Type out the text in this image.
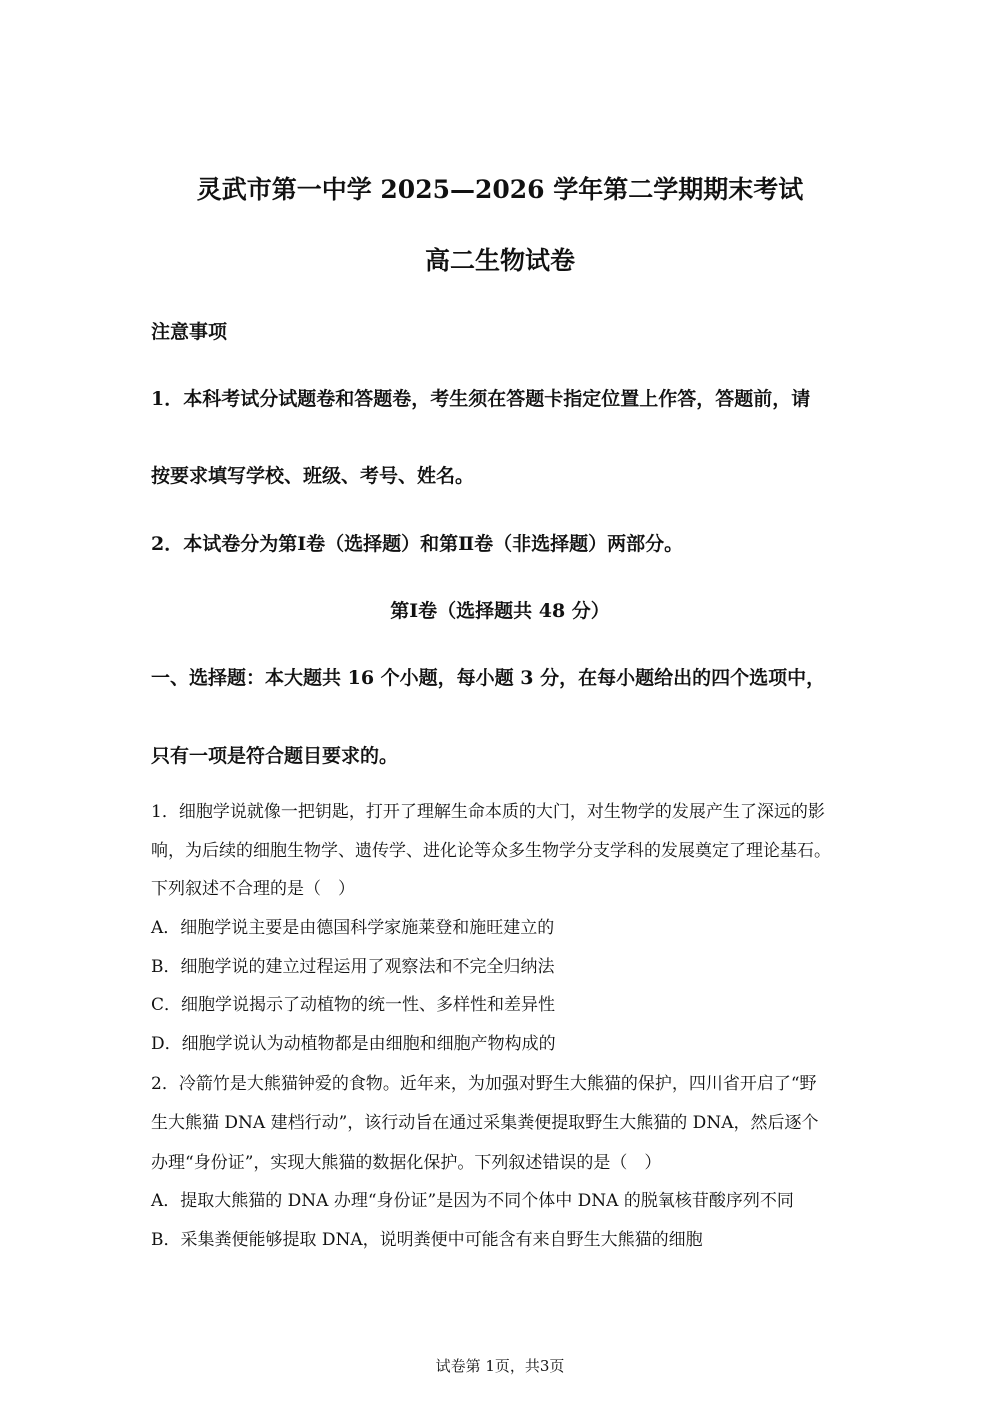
灵武市第一中学 2025—2026 学年第二学期期末考试
高二生物试卷
注意事项
1．本科考试分试题卷和答题卷，考生须在答题卡指定位置上作答，答题前，请
按要求填写学校、班级、考号、姓名。
2．本试卷分为第Ⅰ卷（选择题）和第Ⅱ卷（非选择题）两部分。
第Ⅰ卷（选择题共 48 分）
一、选择题：本大题共 16 个小题，每小题 3 分，在每小题给出的四个选项中，
只有一项是符合题目要求的。
1．细胞学说就像一把钥匙，打开了理解生命本质的大门，对生物学的发展产生了深远的影
响，为后续的细胞生物学、遗传学、进化论等众多生物学分支学科的发展奠定了理论基石。
下列叙述不合理的是（　）
A．细胞学说主要是由德国科学家施莱登和施旺建立的
B．细胞学说的建立过程运用了观察法和不完全归纳法
C．细胞学说揭示了动植物的统一性、多样性和差异性
D．细胞学说认为动植物都是由细胞和细胞产物构成的
2．冷箭竹是大熊猫钟爱的食物。近年来，为加强对野生大熊猫的保护，四川省开启了“野
生大熊猫 DNA 建档行动”，该行动旨在通过采集粪便提取野生大熊猫的 DNA，然后逐个
办理“身份证”，实现大熊猫的数据化保护。下列叙述错误的是（　）
A．提取大熊猫的 DNA 办理“身份证”是因为不同个体中 DNA 的脱氧核苷酸序列不同
B．采集粪便能够提取 DNA，说明粪便中可能含有来自野生大熊猫的细胞
试卷第 1页，共3页
